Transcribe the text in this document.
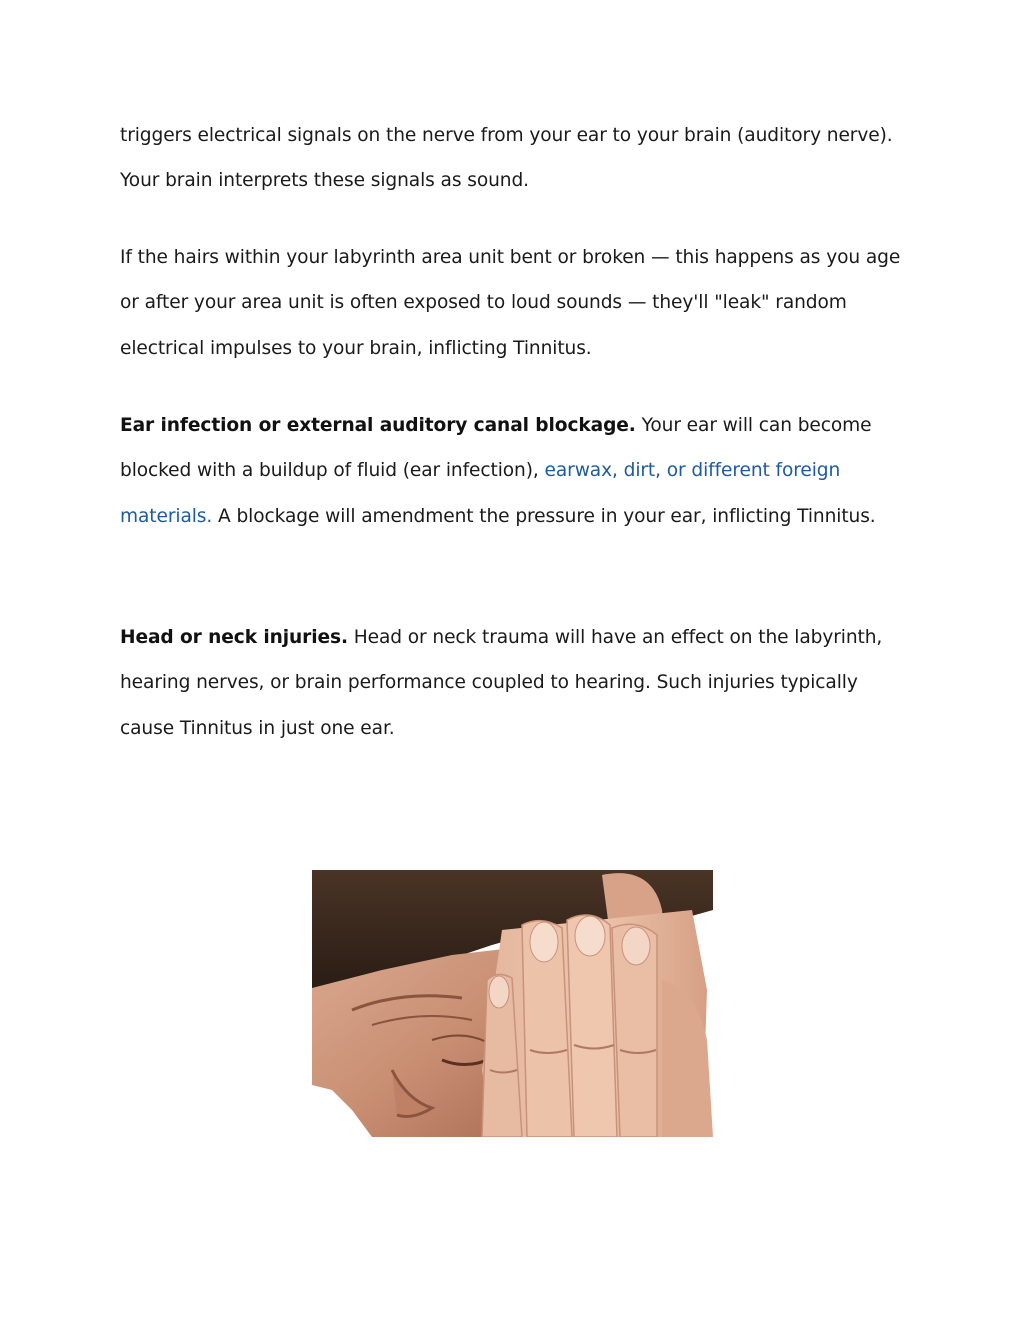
triggers electrical signals on the nerve from your ear to your brain (auditory nerve). Your brain interprets these signals as sound.

If the hairs within your labyrinth area unit bent or broken — this happens as you age or after your area unit is often exposed to loud sounds — they'll "leak" random electrical impulses to your brain, inflicting Tinnitus.

Ear infection or external auditory canal blockage. Your ear will can become blocked with a buildup of fluid (ear infection), earwax, dirt, or different foreign materials. A blockage will amendment the pressure in your ear, inflicting Tinnitus.

Head or neck injuries. Head or neck trauma will have an effect on the labyrinth, hearing nerves, or brain performance coupled to hearing. Such injuries typically cause Tinnitus in just one ear.
